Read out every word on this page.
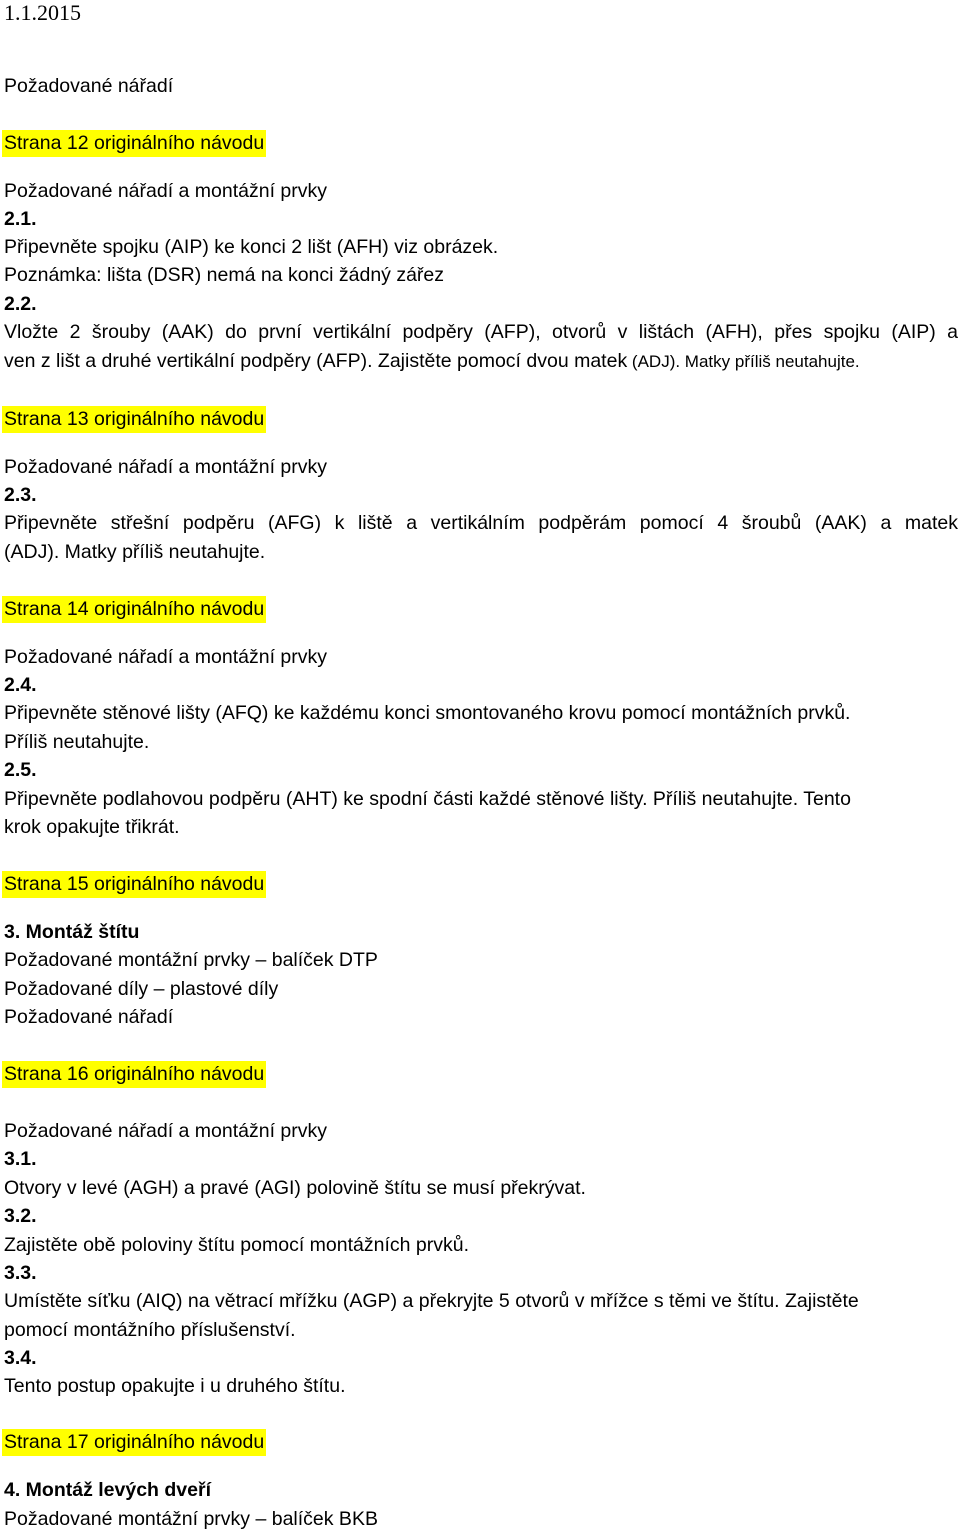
1.1.2015
Požadované nářadí
Strana 12 originálního návodu
Požadované nářadí a montážní prvky
2.1.
Připevněte spojku (AIP) ke konci 2 lišt (AFH) viz obrázek.
Poznámka: lišta (DSR) nemá na konci žádný zářez
2.2.
Vložte 2 šrouby (AAK) do první vertikální podpěry (AFP), otvorů v lištách (AFH), přes spojku (AIP) a
ven z lišt a druhé vertikální podpěry (AFP). Zajistěte pomocí dvou matek (ADJ). Matky příliš neutahujte.
Strana 13 originálního návodu
Požadované nářadí a montážní prvky
2.3.
Připevněte střešní podpěru (AFG) k liště a vertikálním podpěrám pomocí 4 šroubů (AAK) a matek
(ADJ). Matky příliš neutahujte.
Strana 14 originálního návodu
Požadované nářadí a montážní prvky
2.4.
Připevněte stěnové lišty (AFQ) ke každému konci smontovaného krovu pomocí montážních prvků.
Příliš neutahujte.
2.5.
Připevněte podlahovou podpěru (AHT) ke spodní části každé stěnové lišty. Příliš neutahujte. Tento
krok opakujte třikrát.
Strana 15 originálního návodu
3. Montáž štítu
Požadované montážní prvky – balíček DTP
Požadované díly – plastové díly
Požadované nářadí
Strana 16 originálního návodu
Požadované nářadí a montážní prvky
3.1.
Otvory v levé (AGH) a pravé (AGI) polovině štítu se musí překrývat.
3.2.
Zajistěte obě poloviny štítu pomocí montážních prvků.
3.3.
Umístěte síťku (AIQ) na větrací mřížku (AGP) a překryjte 5 otvorů v mřížce s těmi ve štítu. Zajistěte
pomocí montážního příslušenství.
3.4.
Tento postup opakujte i u druhého štítu.
Strana 17 originálního návodu
4. Montáž levých dveří
Požadované montážní prvky – balíček BKB
